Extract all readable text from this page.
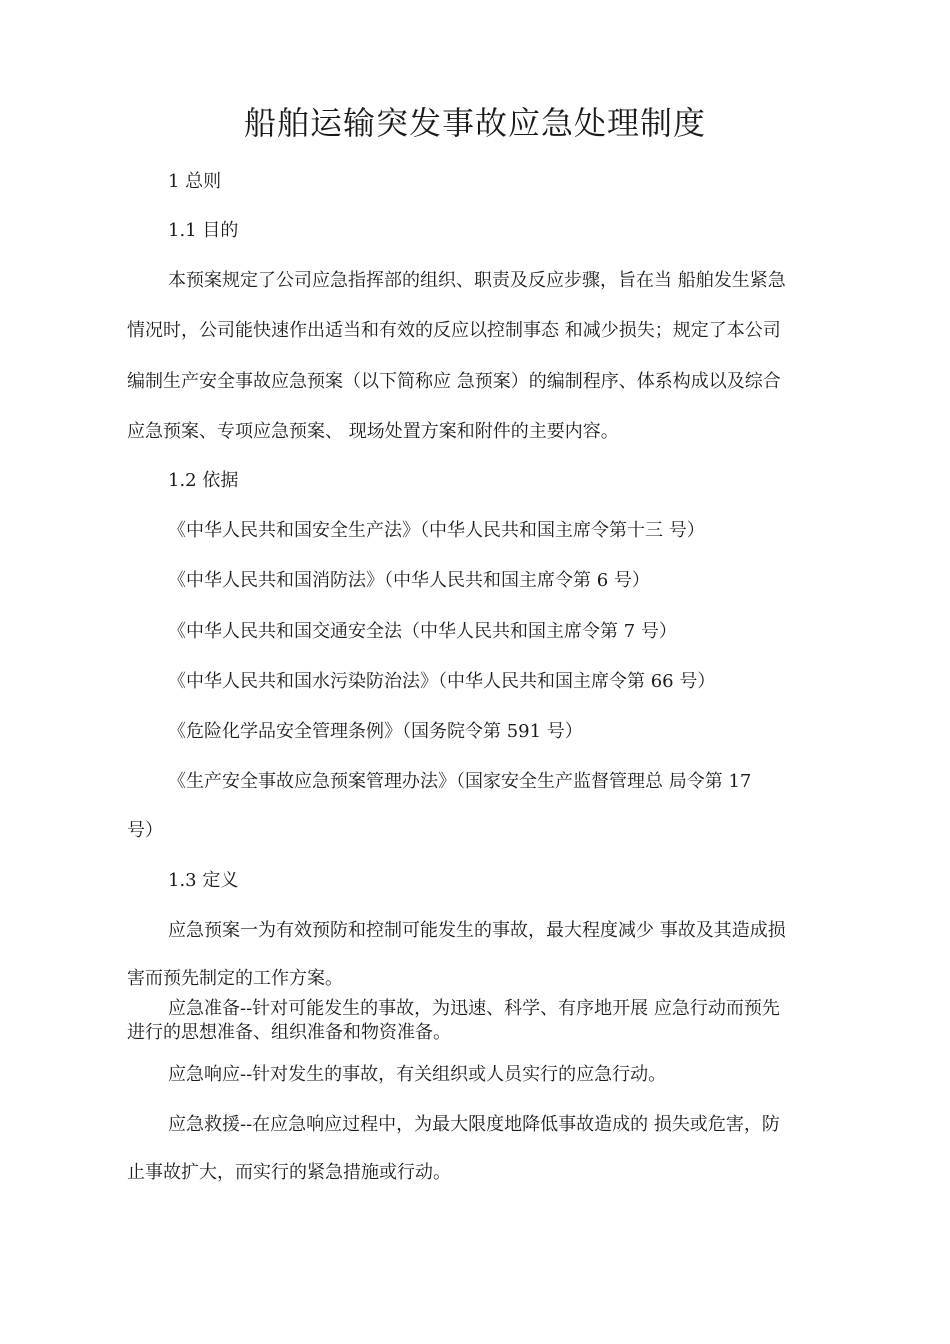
船舶运输突发事故应急处理制度
1 总则
1.1 目的
本预案规定了公司应急指挥部的组织、职责及反应步骤，旨在当 船舶发生紧急
情况时，公司能快速作出适当和有效的反应以控制事态 和减少损失；规定了本公司
编制生产安全事故应急预案（以下简称应 急预案）的编制程序、体系构成以及综合
应急预案、专项应急预案、 现场处置方案和附件的主要内容。
1.2 依据
《中华人民共和国安全生产法》（中华人民共和国主席令第十三 号）
《中华人民共和国消防法》（中华人民共和国主席令第 6 号）
《中华人民共和国交通安全法（中华人民共和国主席令第 7 号）
《中华人民共和国水污染防治法》（中华人民共和国主席令第 66 号）
《危险化学品安全管理条例》（国务院令第 591 号）
《生产安全事故应急预案管理办法》（国家安全生产监督管理总 局令第 17
号）
1.3 定义
应急预案一为有效预防和控制可能发生的事故，最大程度减少 事故及其造成损
害而预先制定的工作方案。
应急准备--针对可能发生的事故，为迅速、科学、有序地开展 应急行动而预先
进行的思想准备、组织准备和物资准备。
应急响应--针对发生的事故，有关组织或人员实行的应急行动。
应急救援--在应急响应过程中，为最大限度地降低事故造成的 损失或危害，防
止事故扩大，而实行的紧急措施或行动。
